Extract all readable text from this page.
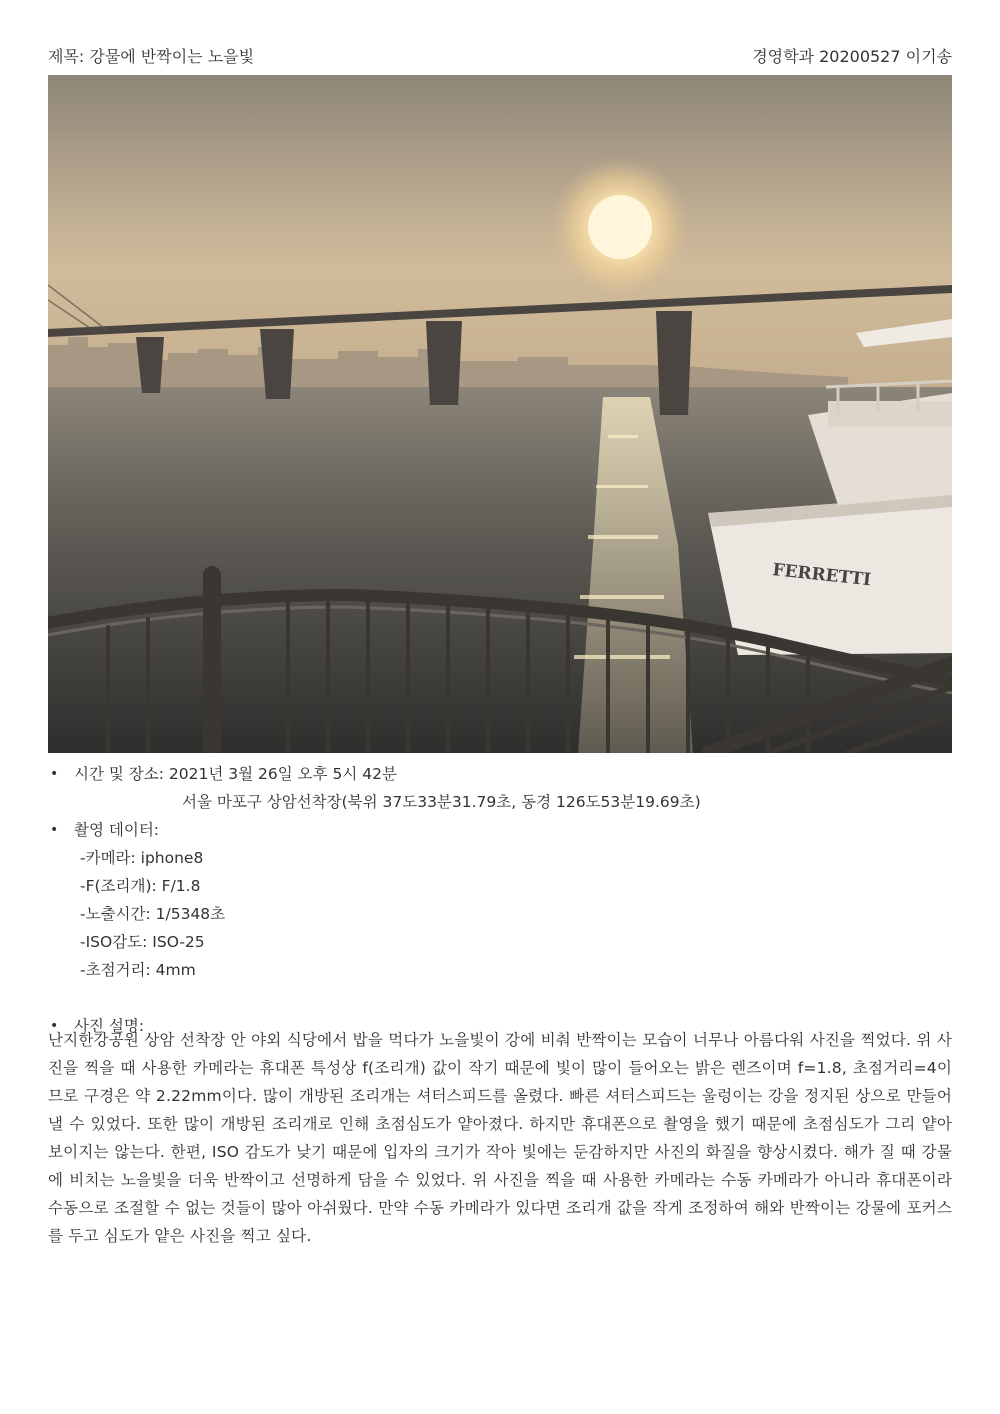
제목: 강물에 반짝이는 노을빛	경영학과 20200527 이기송
FERRETTI
• 시간 및 장소: 2021년 3월 26일 오후 5시 42분
서울 마포구 상암선착장(북위 37도33분31.79초, 동경 126도53분19.69초)
• 촬영 데이터:
-카메라: iphone8
-F(조리개): F/1.8
-노출시간: 1/5348초
-ISO감도: ISO-25
-초점거리: 4mm
• 사진 설명:
난지한강공원 상암 선착장 안 야외 식당에서 밥을 먹다가 노을빛이 강에 비춰 반짝이는 모습이 너무나 아름다워 사진을 찍었다. 위 사진을 찍을 때 사용한 카메라는 휴대폰 특성상 f(조리개) 값이 작기 때문에 빛이 많이 들어오는 밝은 렌즈이며 f=1.8, 초점거리=4이므로 구경은 약 2.22mm이다. 많이 개방된 조리개는 셔터스피드를 올렸다. 빠른 셔터스피드는 울렁이는 강을 정지된 상으로 만들어 낼 수 있었다. 또한 많이 개방된 조리개로 인해 초점심도가 얕아졌다. 하지만 휴대폰으로 촬영을 했기 때문에 초점심도가 그리 얕아 보이지는 않는다. 한편, ISO 감도가 낮기 때문에 입자의 크기가 작아 빛에는 둔감하지만 사진의 화질을 향상시켰다. 해가 질 때 강물에 비치는 노을빛을 더욱 반짝이고 선명하게 담을 수 있었다. 위 사진을 찍을 때 사용한 카메라는 수동 카메라가 아니라 휴대폰이라 수동으로 조절할 수 없는 것들이 많아 아쉬웠다. 만약 수동 카메라가 있다면 조리개 값을 작게 조정하여 해와 반짝이는 강물에 포커스를 두고 심도가 얕은 사진을 찍고 싶다.
